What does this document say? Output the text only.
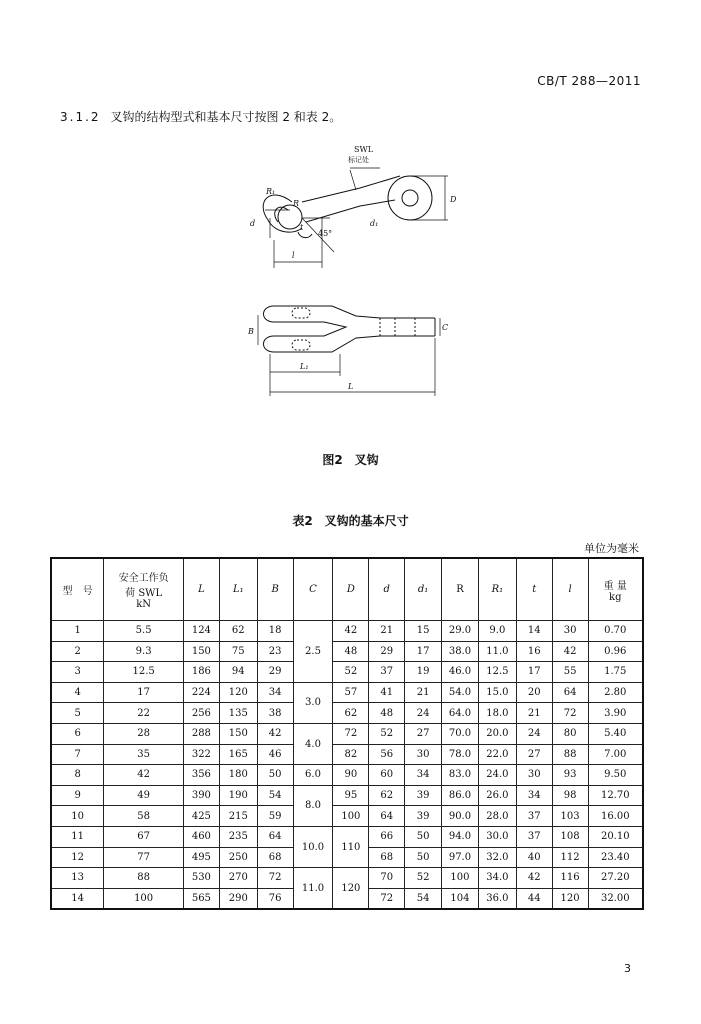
CB/T 288—2011
3.1.2 叉钩的结构型式和基本尺寸按图 2 和表 2。
SWL
标记处
R₁
R
d	t
45°
l
d₁
D
B	C
L₁
L
图2　叉钩
表2　叉钩的基本尺寸
单位为毫米
型　号	安全工作负
荷 SWL
kN	L	L₁	B	C	D	d	d₁	R	R₁	t	l	重 量
kg
1	5.5	124	62	18	2.5	42	21	15	29.0	9.0	14	30	0.70
2	9.3	150	75	23		48	29	17	38.0	11.0	16	42	0.96
3	12.5	186	94	29		52	37	19	46.0	12.5	17	55	1.75
4	17	224	120	34	3.0	57	41	21	54.0	15.0	20	64	2.80
5	22	256	135	38		62	48	24	64.0	18.0	21	72	3.90
6	28	288	150	42	4.0	72	52	27	70.0	20.0	24	80	5.40
7	35	322	165	46		82	56	30	78.0	22.0	27	88	7.00
8	42	356	180	50	6.0	90	60	34	83.0	24.0	30	93	9.50
9	49	390	190	54	8.0	95	62	39	86.0	26.0	34	98	12.70
10	58	425	215	59		100	64	39	90.0	28.0	37	103	16.00
11	67	460	235	64	10.0	110	66	50	94.0	30.0	37	108	20.10
12	77	495	250	68			68	50	97.0	32.0	40	112	23.40
13	88	530	270	72	11.0	120	70	52	100	34.0	42	116	27.20
14	100	565	290	76			72	54	104	36.0	44	120	32.00
3
